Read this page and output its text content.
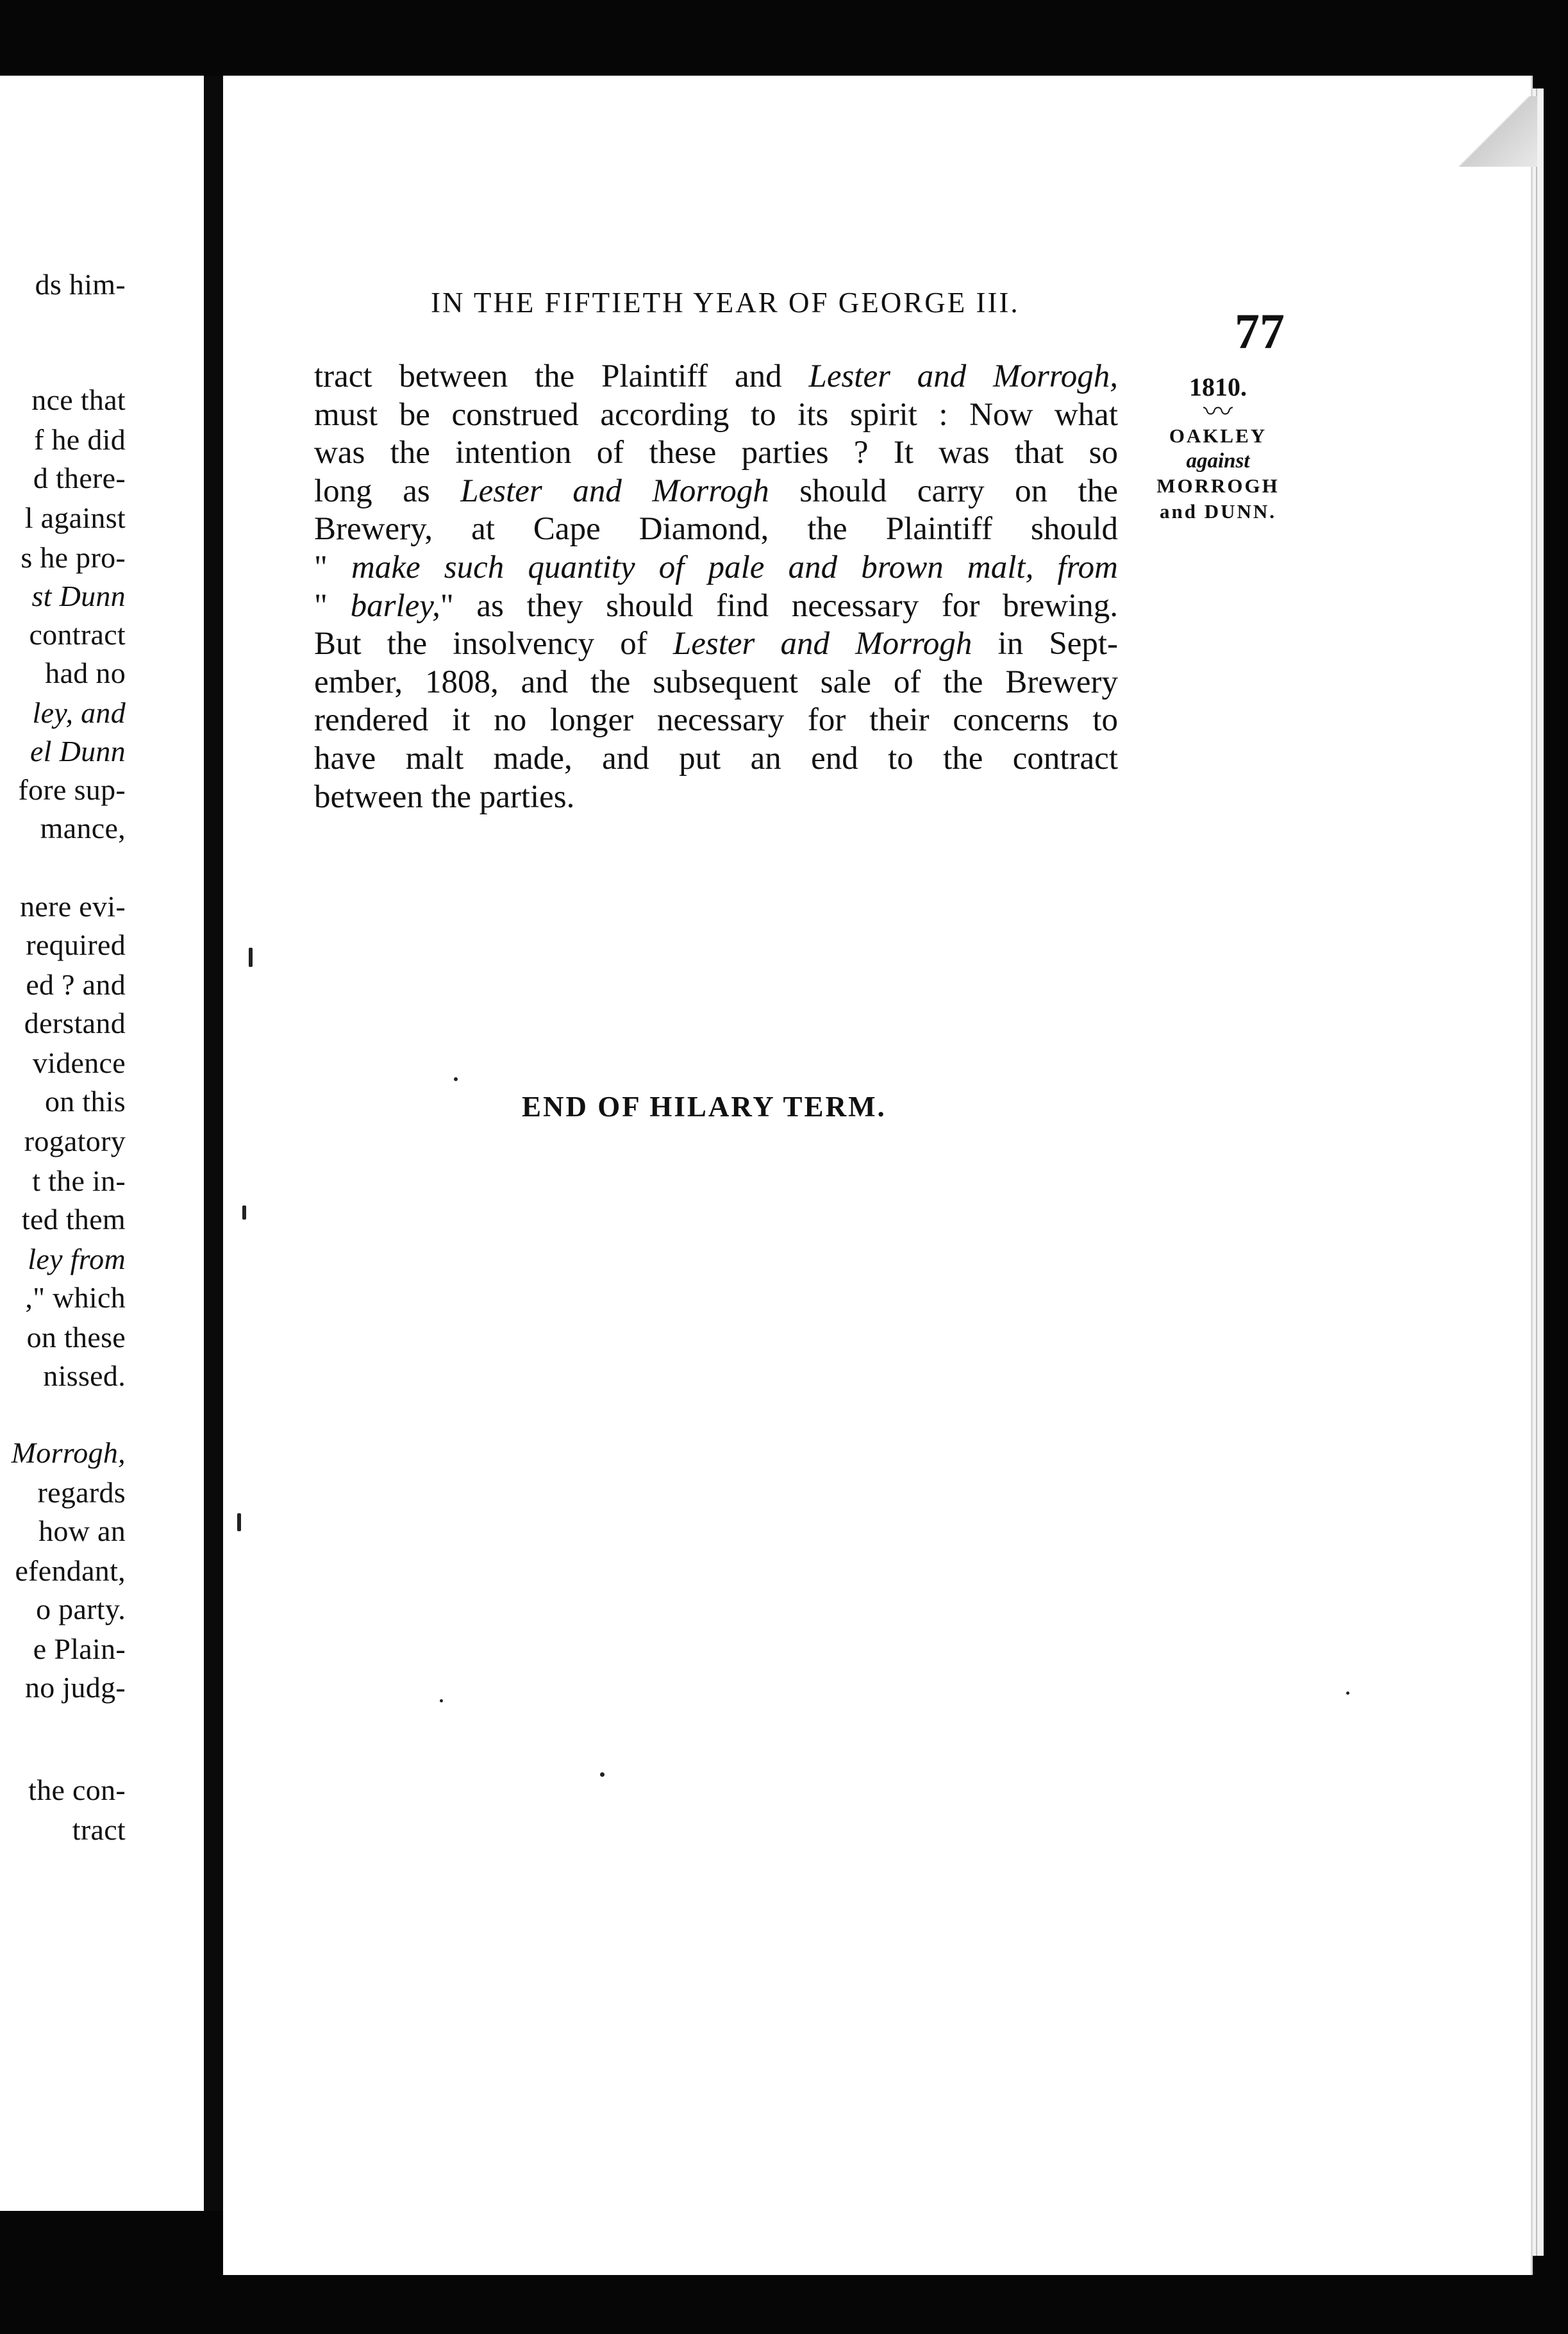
ds him-
nce that
f he did
d there-
l against
s he pro-
st Dunn
contract
had no
ley, and
el Dunn
fore sup-
mance,
nere evi-
required
ed ? and
derstand
vidence
on this
rogatory
t the in-
ted them
ley from
," which
on these
nissed.
Morrogh,
regards
how an
efendant,
o party.
e Plain-
no judg-
the con-
tract
IN THE FIFTIETH YEAR OF GEORGE III.
77
1810.
〰
OAKLEY
against
MORROGH
and DUNN.
tract between the Plaintiff and Lester and Morrogh,
must be construed according to its spirit : Now what
was the intention of these parties ? It was that so
long as Lester and Morrogh should carry on the
Brewery, at Cape Diamond, the Plaintiff should
" make such quantity of pale and brown malt, from
" barley," as they should find necessary for brewing.
But the insolvency of Lester and Morrogh in Sept-
ember, 1808, and the subsequent sale of the Brewery
rendered it no longer necessary for their concerns to
have malt made, and put an end to the contract
between the parties.
END OF HILARY TERM.
